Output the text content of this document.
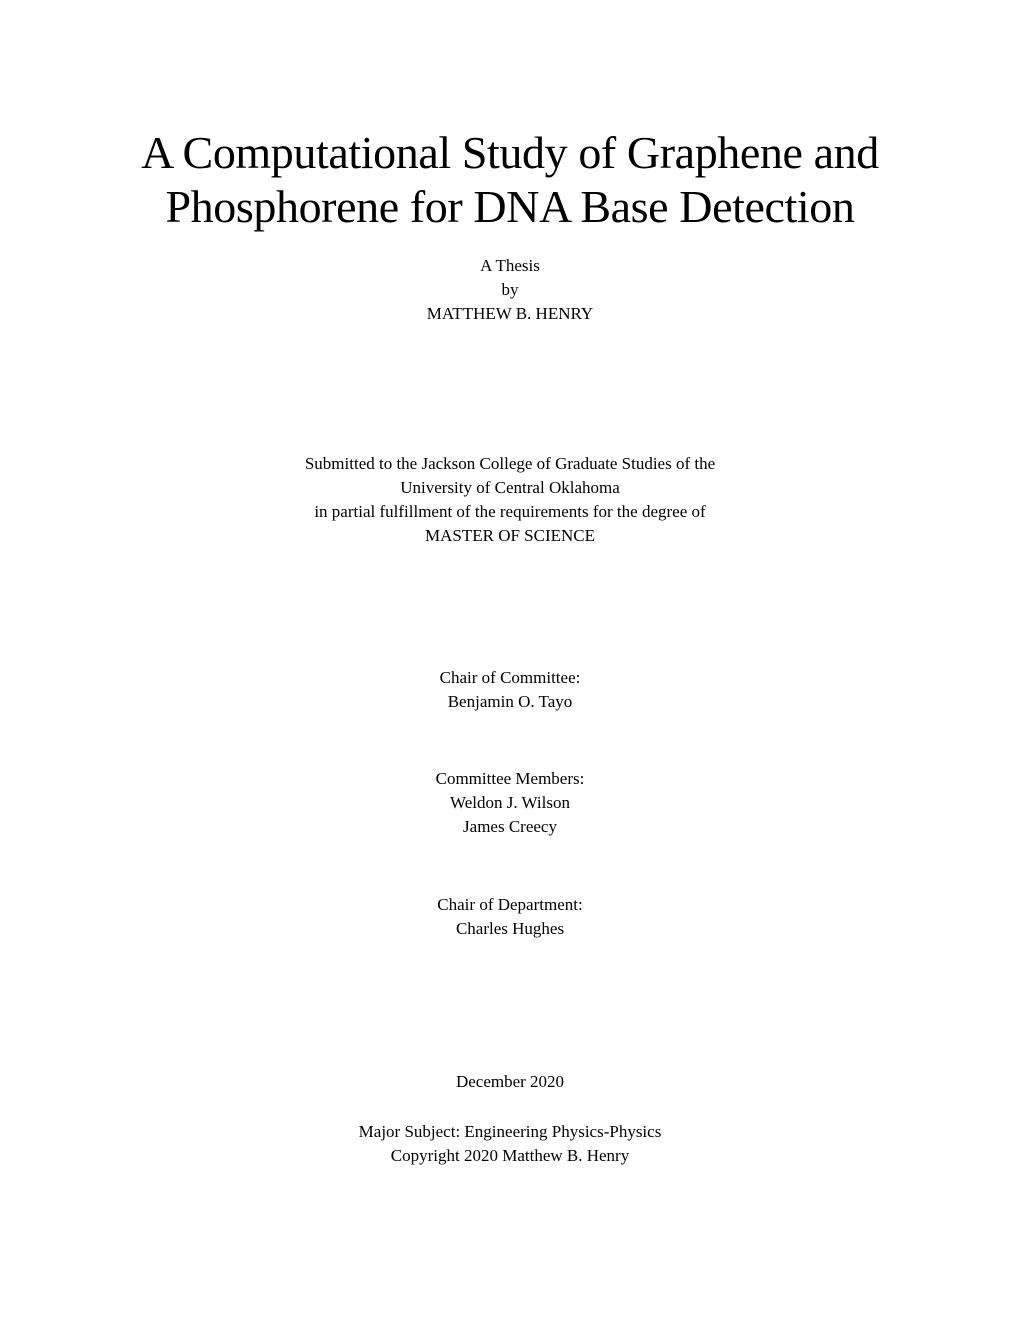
A Computational Study of Graphene and
Phosphorene for DNA Base Detection
A Thesis
by
MATTHEW B. HENRY
Submitted to the Jackson College of Graduate Studies of the
University of Central Oklahoma
in partial fulfillment of the requirements for the degree of
MASTER OF SCIENCE
Chair of Committee:
Benjamin O. Tayo
Committee Members:
Weldon J. Wilson
James Creecy
Chair of Department:
Charles Hughes
December 2020
Major Subject: Engineering Physics-Physics
Copyright 2020 Matthew B. Henry
